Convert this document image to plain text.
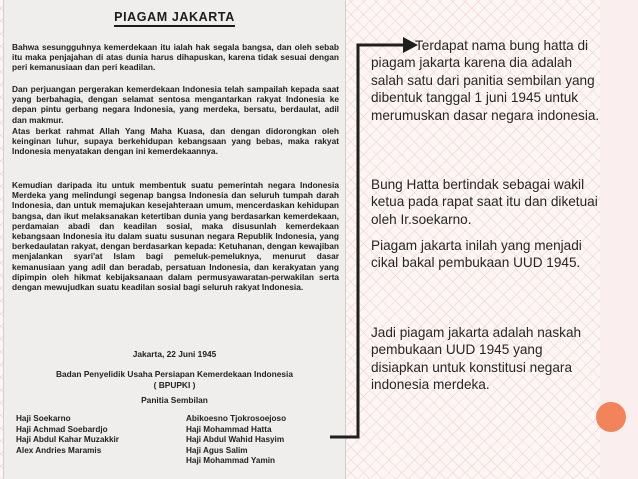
PIAGAM JAKARTA

Bahwa sesungguhnya kemerdekaan itu ialah hak segala bangsa, dan oleh sebab itu maka penjajahan di atas dunia harus dihapuskan, karena tidak sesuai dengan peri kemanusiaan dan peri keadilan.

Dan perjuangan pergerakan kemerdekaan Indonesia telah sampailah kepada saat yang berbahagia, dengan selamat sentosa mengantarkan rakyat Indonesia ke depan pintu gerbang negara Indonesia, yang merdeka, bersatu, berdaulat, adil dan makmur.

Atas berkat rahmat Allah Yang Maha Kuasa, dan dengan didorongkan oleh keinginan luhur, supaya berkehidupan kebangsaan yang bebas, maka rakyat Indonesia menyatakan dengan ini kemerdekaannya.

Kemudian daripada itu untuk membentuk suatu pemerintah negara Indonesia Merdeka yang melindungi segenap bangsa Indonesia dan seluruh tumpah darah Indonesia, dan untuk memajukan kesejahteraan umum, mencerdaskan kehidupan bangsa, dan ikut melaksanakan ketertiban dunia yang berdasarkan kemerdekaan, perdamaian abadi dan keadilan sosial, maka disusunlah kemerdekaan kebangsaan Indonesia itu dalam suatu susunan negara Republik Indonesia, yang berkedaulatan rakyat, dengan berdasarkan kepada: Ketuhanan, dengan kewajiban menjalankan syari'at Islam bagi pemeluk-pemeluknya, menurut dasar kemanusiaan yang adil dan beradab, persatuan Indonesia, dan kerakyatan yang dipimpin oleh hikmat kebijaksanaan dalam permusyawaratan-perwakilan serta dengan mewujudkan suatu keadilan sosial bagi seluruh rakyat Indonesia.

Jakarta, 22 Juni 1945
Badan Penyelidik Usaha Persiapan Kemerdekaan Indonesia
( BPUPKI )
Panitia Sembilan
Haji Soekarno
Haji Achmad Soebardjo
Haji Abdul Kahar Muzakkir
Alex Andries Maramis
Abikoesno Tjokrosoejoso
Haji Mohammad Hatta
Haji Abdul Wahid Hasyim
Haji Agus Salim
Haji Mohammad Yamin

Terdapat nama bung hatta di piagam jakarta karena dia adalah salah satu dari panitia sembilan yang dibentuk tanggal 1 juni 1945 untuk merumuskan dasar negara indonesia.

Bung Hatta bertindak sebagai wakil ketua pada rapat saat itu dan diketuai oleh Ir.soekarno.

Piagam jakarta inilah yang menjadi cikal bakal pembukaan UUD 1945.

Jadi piagam jakarta adalah naskah pembukaan UUD 1945 yang disiapkan untuk konstitusi negara indonesia merdeka.
